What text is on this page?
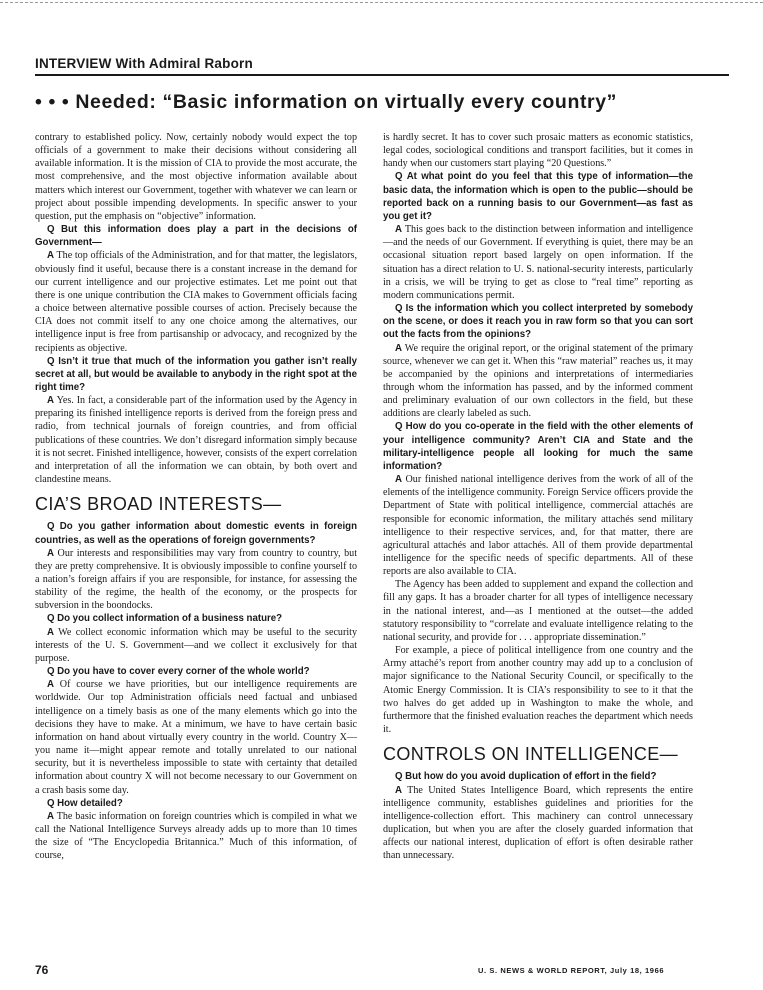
INTERVIEW With Admiral Raborn
• • • Needed: “Basic information on virtually every country”

contrary to established policy. Now, certainly nobody would expect the top officials of a government to make their decisions without considering all available information. It is the mission of CIA to provide the most accurate, the most comprehensive, and the most objective information available about matters which interest our Government, together with whatever we can learn or project about possible impending developments. In specific answer to your question, put the emphasis on “objective” information.

Q But this information does play a part in the decisions of Government—

A The top officials of the Administration, and for that matter, the legislators, obviously find it useful, because there is a constant increase in the demand for our current intelligence and our projective estimates. Let me point out that there is one unique contribution the CIA makes to Government officials facing a choice between alternative possible courses of action. Precisely because the CIA does not commit itself to any one choice among the alternatives, our intelligence input is free from partisanship or advocacy, and recognized by the recipients as objective.

Q Isn’t it true that much of the information you gather isn’t really secret at all, but would be available to anybody in the right spot at the right time?

A Yes. In fact, a considerable part of the information used by the Agency in preparing its finished intelligence reports is derived from the foreign press and radio, from technical journals of foreign countries, and from official publications of these countries. We don’t disregard information simply because it is not secret. Finished intelligence, however, consists of the expert correlation and interpretation of all the information we can obtain, by both overt and clandestine means.

CIA’S BROAD INTERESTS—

Q Do you gather information about domestic events in foreign countries, as well as the operations of foreign governments?

A Our interests and responsibilities may vary from country to country, but they are pretty comprehensive. It is obviously impossible to confine yourself to a nation’s foreign affairs if you are responsible, for instance, for assessing the stability of the regime, the health of the economy, or the prospects for subversion in the boondocks.

Q Do you collect information of a business nature?

A We collect economic information which may be useful to the security interests of the U. S. Government—and we collect it exclusively for that purpose.

Q Do you have to cover every corner of the whole world?

A Of course we have priorities, but our intelligence requirements are worldwide. Our top Administration officials need factual and unbiased intelligence on a timely basis as one of the many elements which go into the decisions they have to make. At a minimum, we have to have certain basic information on hand about virtually every country in the world. Country X—you name it—might appear remote and totally unrelated to our national security, but it is nevertheless impossible to state with certainty that detailed information about country X will not become necessary to our Government on a crash basis some day.

Q How detailed?

A The basic information on foreign countries which is compiled in what we call the National Intelligence Surveys already adds up to more than 10 times the size of “The Encyclopedia Britannica.” Much of this information, of course,

is hardly secret. It has to cover such prosaic matters as economic statistics, legal codes, sociological conditions and transport facilities, but it comes in handy when our customers start playing “20 Questions.”

Q At what point do you feel that this type of information—the basic data, the information which is open to the public—should be reported back on a running basis to our Government—as fast as you get it?

A This goes back to the distinction between information and intelligence—and the needs of our Government. If everything is quiet, there may be an occasional situation report based largely on open information. If the situation has a direct relation to U. S. national-security interests, particularly in a crisis, we will be trying to get as close to “real time” reporting as modern communications permit.

Q Is the information which you collect interpreted by somebody on the scene, or does it reach you in raw form so that you can sort out the facts from the opinions?

A We require the original report, or the original statement of the primary source, whenever we can get it. When this “raw material” reaches us, it may be accompanied by the opinions and interpretations of intermediaries through whom the information has passed, and by the informed comment and preliminary evaluation of our own collectors in the field, but these additions are clearly labeled as such.

Q How do you co-operate in the field with the other elements of your intelligence community? Aren’t CIA and State and the military-intelligence people all looking for much the same information?

A Our finished national intelligence derives from the work of all of the elements of the intelligence community. Foreign Service officers provide the Department of State with political intelligence, commercial attachés are responsible for economic information, the military attachés send military intelligence to their respective services, and, for that matter, there are agricultural attachés and labor attachés. All of them provide departmental intelligence for the specific needs of specific departments. All of these reports are also available to CIA.

The Agency has been added to supplement and expand the collection and fill any gaps. It has a broader charter for all types of intelligence necessary in the national interest, and—as I mentioned at the outset—the added statutory responsibility to “correlate and evaluate intelligence relating to the national security, and provide for . . . appropriate dissemination.”

For example, a piece of political intelligence from one country and the Army attaché’s report from another country may add up to a conclusion of major significance to the National Security Council, or specifically to the Atomic Energy Commission. It is CIA’s responsibility to see to it that the two halves do get added up in Washington to make the whole, and furthermore that the finished evaluation reaches the department which needs it.

CONTROLS ON INTELLIGENCE—

Q But how do you avoid duplication of effort in the field?

A The United States Intelligence Board, which represents the entire intelligence community, establishes guidelines and priorities for the intelligence-collection effort. This machinery can control unnecessary duplication, but when you are after the closely guarded information that affects our national interest, duplication of effort is often desirable rather than unnecessary.

76	U. S. NEWS & WORLD REPORT, July 18, 1966
